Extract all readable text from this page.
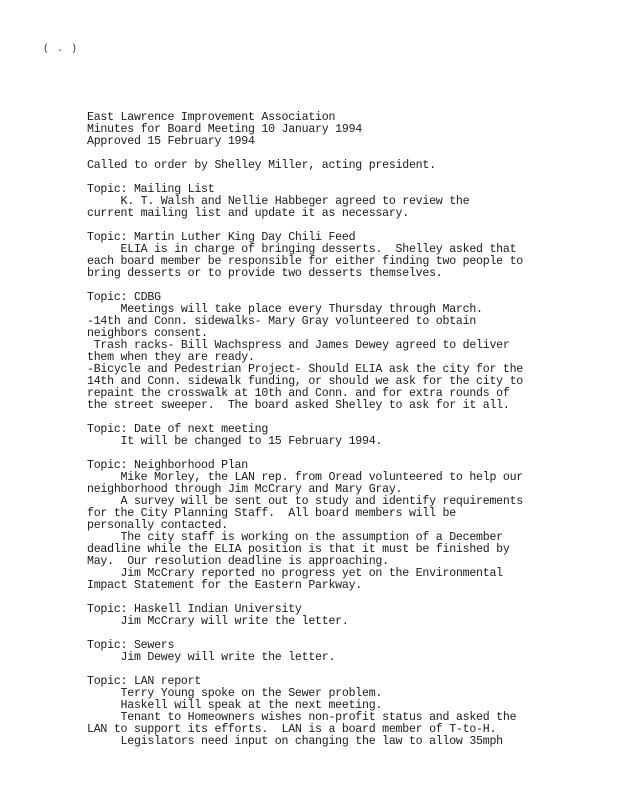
( . )
East Lawrence Improvement Association
Minutes for Board Meeting 10 January 1994
Approved 15 February 1994
Called to order by Shelley Miller, acting president.
Topic: Mailing List
K. T. Walsh and Nellie Habbeger agreed to review the
current mailing list and update it as necessary.
Topic: Martin Luther King Day Chili Feed
ELIA is in charge of bringing desserts.  Shelley asked that
each board member be responsible for either finding two people to
bring desserts or to provide two desserts themselves.
Topic: CDBG
Meetings will take place every Thursday through March.
-14th and Conn. sidewalks- Mary Gray volunteered to obtain
neighbors consent.
Trash racks- Bill Wachspress and James Dewey agreed to deliver
them when they are ready.
-Bicycle and Pedestrian Project- Should ELIA ask the city for the
14th and Conn. sidewalk funding, or should we ask for the city to
repaint the crosswalk at 10th and Conn. and for extra rounds of
the street sweeper.  The board asked Shelley to ask for it all.
Topic: Date of next meeting
It will be changed to 15 February 1994.
Topic: Neighborhood Plan
Mike Morley, the LAN rep. from Oread volunteered to help our
neighborhood through Jim McCrary and Mary Gray.
A survey will be sent out to study and identify requirements
for the City Planning Staff.  All board members will be
personally contacted.
The city staff is working on the assumption of a December
deadline while the ELIA position is that it must be finished by
May.  Our resolution deadline is approaching.
Jim McCrary reported no progress yet on the Environmental
Impact Statement for the Eastern Parkway.
Topic: Haskell Indian University
Jim McCrary will write the letter.
Topic: Sewers
Jim Dewey will write the letter.
Topic: LAN report
Terry Young spoke on the Sewer problem.
Haskell will speak at the next meeting.
Tenant to Homeowners wishes non-profit status and asked the
LAN to support its efforts.  LAN is a board member of T-to-H.
Legislators need input on changing the law to allow 35mph
